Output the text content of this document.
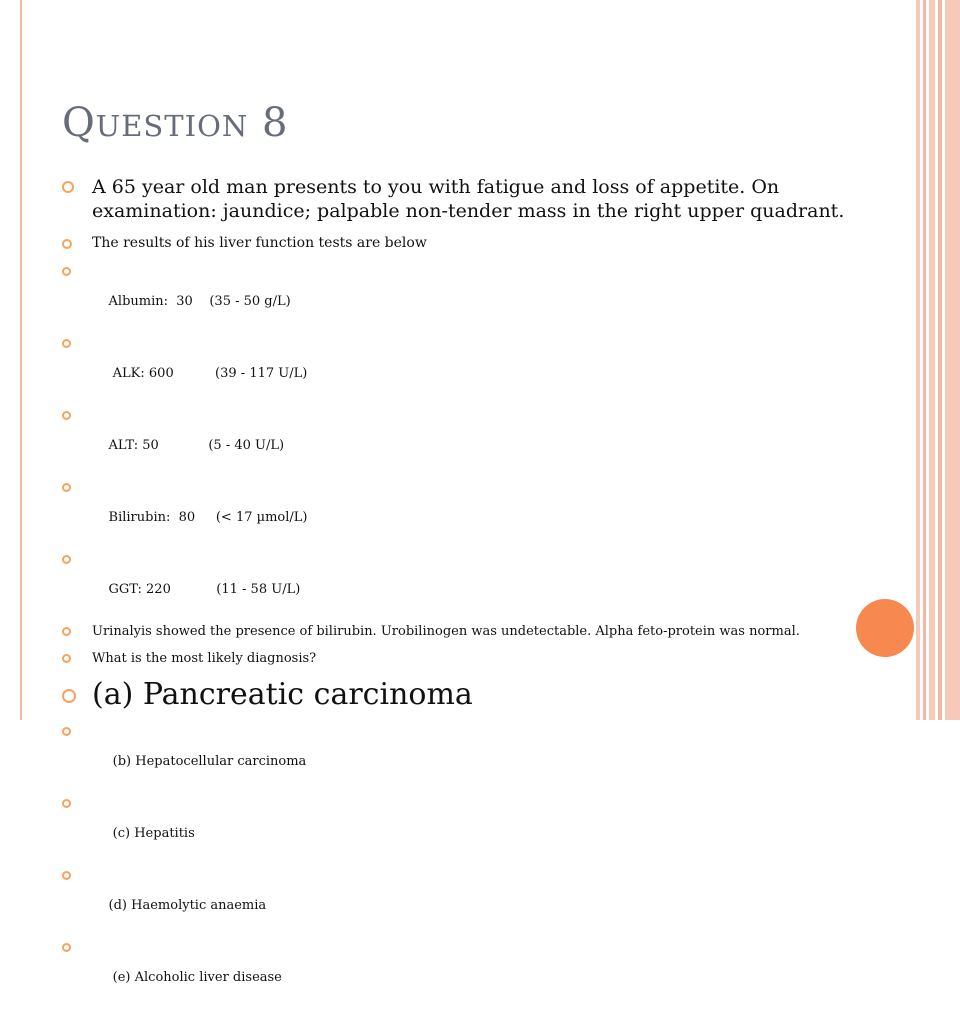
QUESTION 8
A 65 year old man presents to you with fatigue and loss of appetite. On examination: jaundice; palpable non-tender mass in the right upper quadrant.
The results of his liver function tests are below

Albumin:  30    (35 - 50 g/L)

ALK: 600          (39 - 117 U/L)

ALT: 50            (5 - 40 U/L)

Bilirubin:  80     (< 17 µmol/L)

GGT: 220           (11 - 58 U/L)

Urinalyis showed the presence of bilirubin. Urobilinogen was undetectable. Alpha feto-protein was normal.
What is the most likely diagnosis?
(a) Pancreatic carcinoma

(b) Hepatocellular carcinoma

(c) Hepatitis

(d) Haemolytic anaemia

(e) Alcoholic liver disease
